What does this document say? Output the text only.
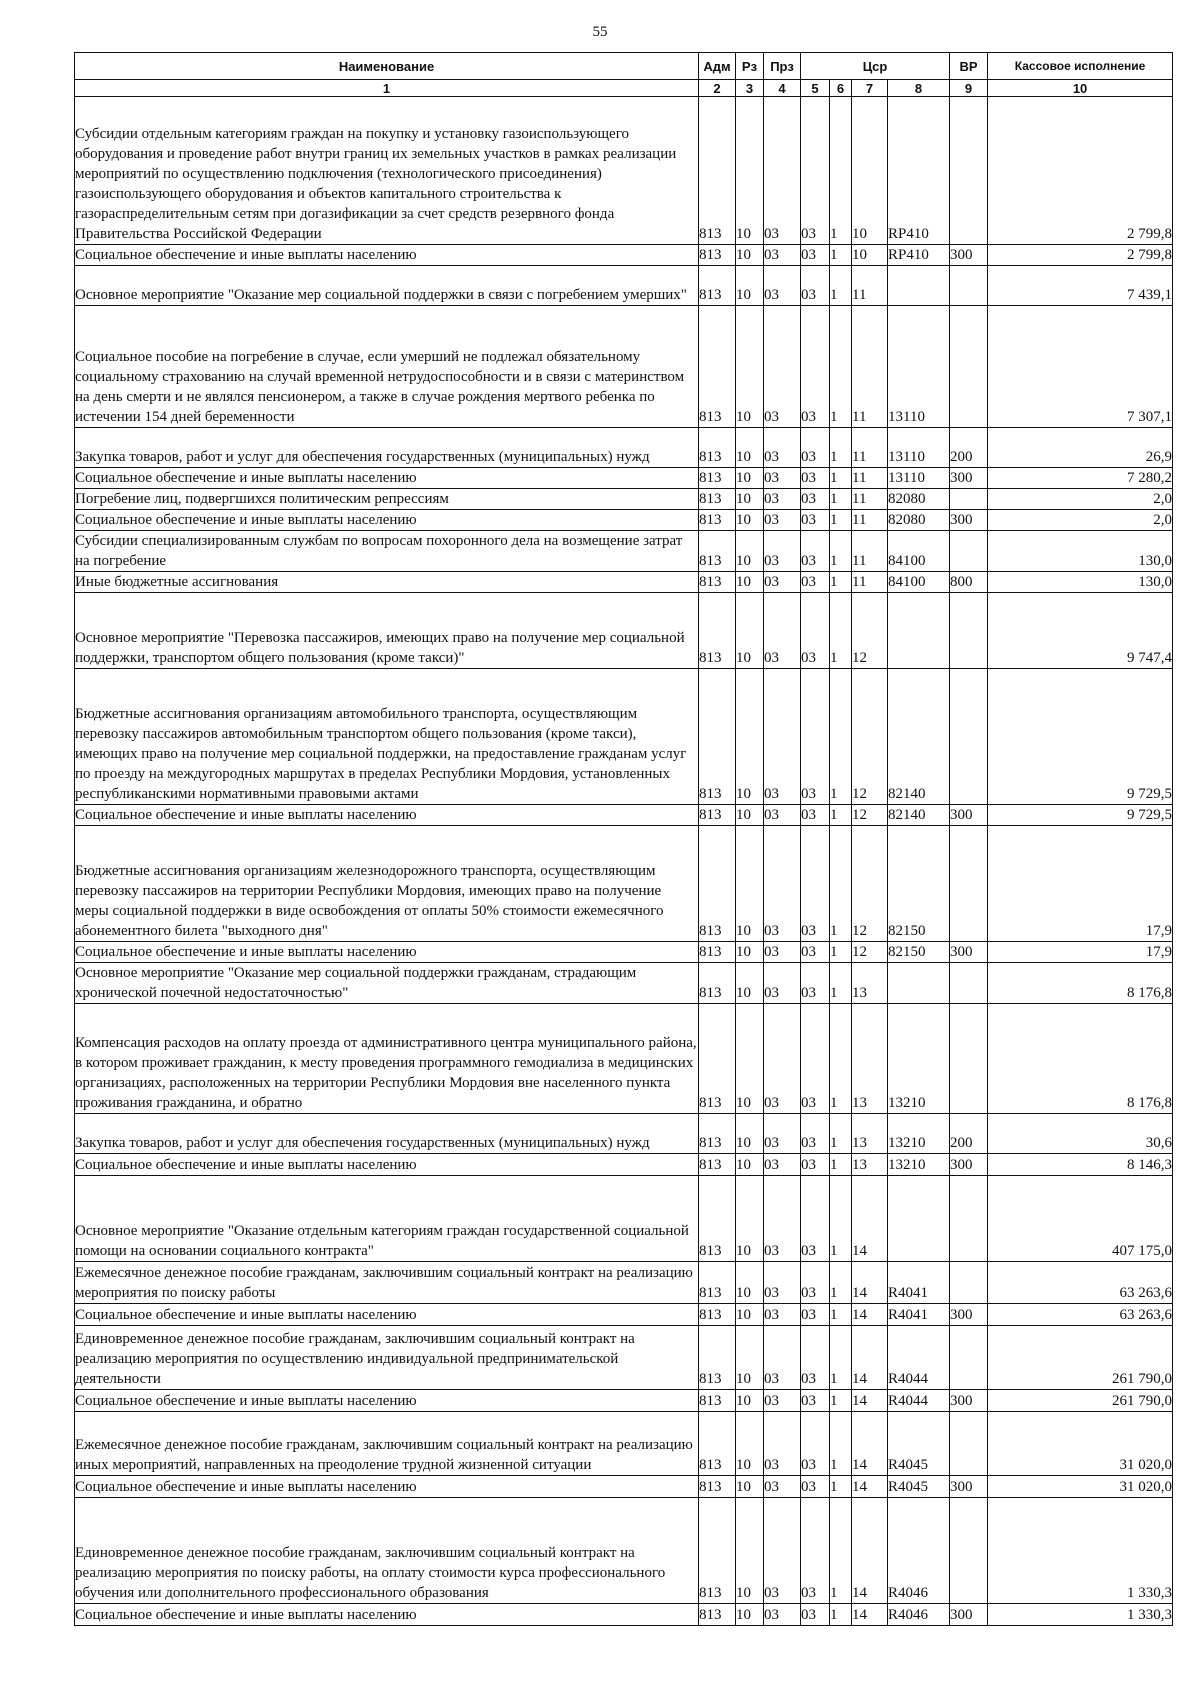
55
Наименование	Адм	Рз	Прз	Цср				ВР	Кассовое исполнение
1	2	3	4	5	6	7	8	9	10
Субсидии отдельным категориям граждан на покупку и установку газоиспользующего оборудования и проведение работ внутри границ их земельных участков в рамках реализации мероприятий по осуществлению подключения (технологического присоединения) газоиспользующего оборудования и объектов капитального строительства к газораспределительным сетям при догазификации за счет средств резервного фонда Правительства Российской Федерации	813	10	03	03	1	10	RP410		2 799,8
Социальное обеспечение и иные выплаты населению	813	10	03	03	1	10	RP410	300	2 799,8
Основное мероприятие "Оказание мер социальной поддержки в связи с погребением умерших"	813	10	03	03	1	11			7 439,1
Социальное пособие на погребение в случае, если умерший не подлежал обязательному социальному страхованию на случай временной нетрудоспособности и в связи с материнством на день смерти и не являлся пенсионером, а также в случае рождения мертвого ребенка по истечении 154 дней беременности	813	10	03	03	1	11	13110		7 307,1
Закупка товаров, работ и услуг для обеспечения государственных (муниципальных) нужд	813	10	03	03	1	11	13110	200	26,9
Социальное обеспечение и иные выплаты населению	813	10	03	03	1	11	13110	300	7 280,2
Погребение лиц, подвергшихся политическим репрессиям	813	10	03	03	1	11	82080		2,0
Социальное обеспечение и иные выплаты населению	813	10	03	03	1	11	82080	300	2,0
Субсидии специализированным службам по вопросам похоронного дела на возмещение затрат на погребение	813	10	03	03	1	11	84100		130,0
Иные бюджетные ассигнования	813	10	03	03	1	11	84100	800	130,0
Основное мероприятие "Перевозка пассажиров, имеющих право на получение мер социальной поддержки, транспортом общего пользования (кроме такси)"	813	10	03	03	1	12			9 747,4
Бюджетные ассигнования организациям автомобильного транспорта, осуществляющим перевозку пассажиров автомобильным транспортом общего пользования (кроме такси), имеющих право на получение мер социальной поддержки, на предоставление гражданам услуг по проезду на междугородных маршрутах в пределах Республики Мордовия, установленных республиканскими нормативными правовыми актами	813	10	03	03	1	12	82140		9 729,5
Социальное обеспечение и иные выплаты населению	813	10	03	03	1	12	82140	300	9 729,5
Бюджетные ассигнования организациям железнодорожного транспорта, осуществляющим перевозку пассажиров на территории Республики Мордовия, имеющих право на получение меры социальной поддержки в виде освобождения от оплаты 50% стоимости ежемесячного абонементного билета "выходного дня"	813	10	03	03	1	12	82150		17,9
Социальное обеспечение и иные выплаты населению	813	10	03	03	1	12	82150	300	17,9
Основное мероприятие "Оказание мер социальной поддержки гражданам, страдающим хронической почечной недостаточностью"	813	10	03	03	1	13			8 176,8
Компенсация расходов на оплату проезда от административного центра муниципального района, в котором проживает гражданин, к месту проведения программного гемодиализа в медицинских организациях, расположенных на территории Республики Мордовия вне населенного пункта проживания гражданина, и обратно	813	10	03	03	1	13	13210		8 176,8
Закупка товаров, работ и услуг для обеспечения государственных (муниципальных) нужд	813	10	03	03	1	13	13210	200	30,6
Социальное обеспечение и иные выплаты населению	813	10	03	03	1	13	13210	300	8 146,3
Основное мероприятие "Оказание отдельным категориям граждан государственной социальной помощи на основании социального контракта"	813	10	03	03	1	14			407 175,0
Ежемесячное денежное пособие гражданам, заключившим социальный контракт на реализацию мероприятия по поиску работы	813	10	03	03	1	14	R4041		63 263,6
Социальное обеспечение и иные выплаты населению	813	10	03	03	1	14	R4041	300	63 263,6
Единовременное денежное пособие гражданам, заключившим социальный контракт на реализацию мероприятия по осуществлению индивидуальной предпринимательской деятельности	813	10	03	03	1	14	R4044		261 790,0
Социальное обеспечение и иные выплаты населению	813	10	03	03	1	14	R4044	300	261 790,0
Ежемесячное денежное пособие гражданам, заключившим социальный контракт на реализацию иных мероприятий, направленных на преодоление трудной жизненной ситуации	813	10	03	03	1	14	R4045		31 020,0
Социальное обеспечение и иные выплаты населению	813	10	03	03	1	14	R4045	300	31 020,0
Единовременное денежное пособие гражданам, заключившим социальный контракт на реализацию мероприятия по поиску работы, на оплату стоимости курса профессионального обучения или дополнительного профессионального образования	813	10	03	03	1	14	R4046		1 330,3
Социальное обеспечение и иные выплаты населению	813	10	03	03	1	14	R4046	300	1 330,3
